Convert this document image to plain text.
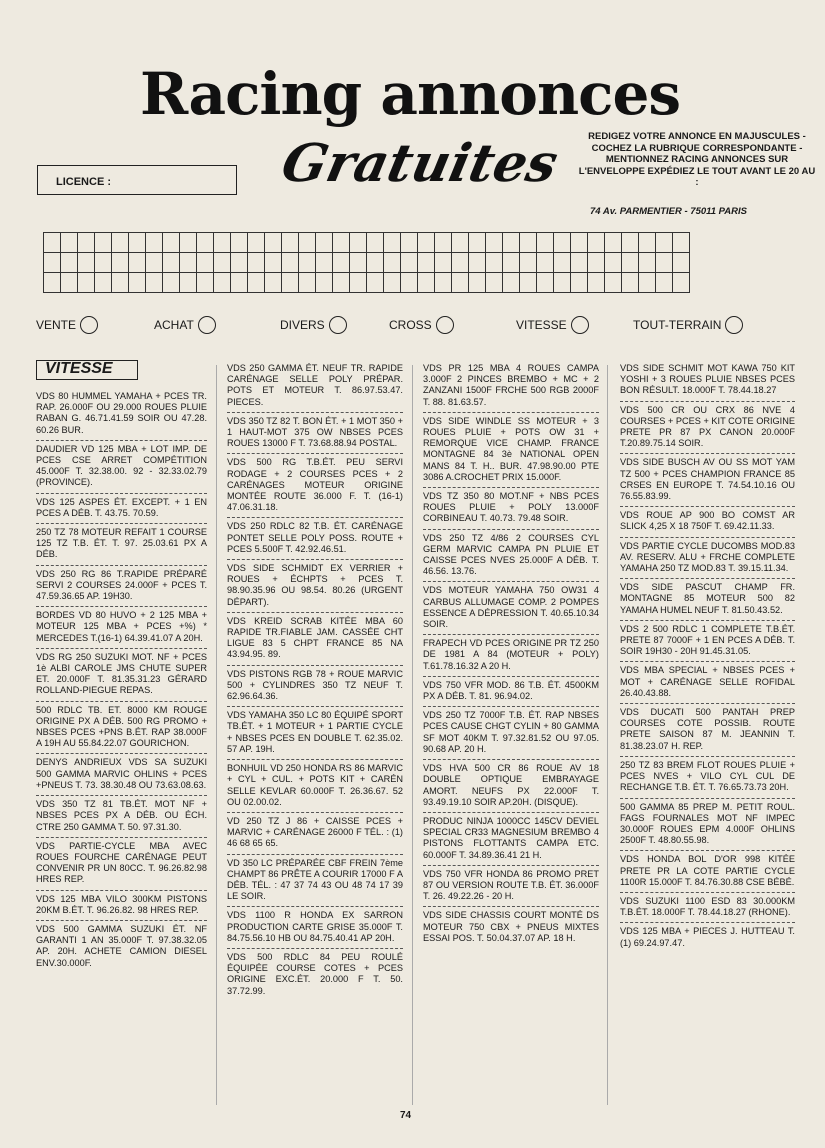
Racing annonces
Gratuites	REDIGEZ VOTRE ANNONCE EN MAJUSCULES - COCHEZ LA RUBRIQUE CORRESPONDANTE - MENTIONNEZ RACING ANNONCES SUR L'ENVELOPPE EXPÉDIEZ LE TOUT AVANT LE 20 AU :
74 Av. PARMENTIER - 75011 PARIS
LICENCE :

VENTE	ACHAT	DIVERS	CROSS	VITESSE	TOUT-TERRAIN
VITESSE

VDS 80 HUMMEL YAMAHA + PCES TR. RAP. 26.000F OU 29.000 ROUES PLUIE RABAN G. 46.71.41.59 SOIR OU 47.28. 60.26 BUR.

DAUDIER VD 125 MBA + LOT IMP. DE PCES CSE ARRET COMPÉTITION 45.000F T. 32.38.00. 92 - 32.33.02.79 (PROVINCE).

VDS 125 ASPES ÉT. EXCEPT. + 1 EN PCES A DÉB. T. 43.75. 70.59.

250 TZ 78 MOTEUR REFAIT 1 COURSE 125 TZ T.B. ÉT. T. 97. 25.03.61 PX A DÉB.

VDS 250 RG 86 T.RAPIDE PRÉPARÉ SERVI 2 COURSES 24.000F + PCES T. 47.59.36.65 AP. 19H30.

BORDES VD 80 HUVO + 2 125 MBA + MOTEUR 125 MBA + PCES +%) * MERCEDES T.(16-1) 64.39.41.07 A 20H.

VDS RG 250 SUZUKI MOT. NF + PCES 1è ALBI CAROLE JMS CHUTE SUPER ET. 20.000F T. 81.35.31.23 GÉRARD ROLLAND-PIEGUE REPAS.

500 RDLC TB. ET. 8000 KM ROUGE ORIGINE PX A DÉB. 500 RG PROMO + NBSES PCES +PNS B.ÉT. RAP 38.000F A 19H AU 55.84.22.07 GOURICHON.

DENYS ANDRIEUX VDS SA SUZUKI 500 GAMMA MARVIC OHLINS + PCES +PNEUS T. 73. 38.30.48 OU 73.63.08.63.

VDS 350 TZ 81 TB.ÉT. MOT NF + NBSES PCES PX A DÉB. OU ÉCH. CTRE 250 GAMMA T. 50. 97.31.30.

VDS PARTIE-CYCLE MBA AVEC ROUES FOURCHE CARÉNAGE PEUT CONVENIR PR UN 80CC. T. 96.26.82.98 HRES REP.

VDS 125 MBA VILO 300KM PISTONS 20KM B.ÉT. T. 96.26.82. 98 HRES REP.

VDS 500 GAMMA SUZUKI ÉT. NF GARANTI 1 AN 35.000F T. 97.38.32.05 AP. 20H. ACHETE CAMION DIESEL ENV.30.000F.

VDS 250 GAMMA ÉT. NEUF TR. RAPIDE CARÉNAGE SELLE POLY PRÉPAR. POTS ET MOTEUR T. 86.97.53.47. PIECES.

VDS 350 TZ 82 T. BON ÉT. + 1 MOT 350 + 1 HAUT-MOT 375 OW NBSES PCES ROUES 13000 F T. 73.68.88.94 POSTAL.

VDS 500 RG T.B.ÉT. PEU SERVI RODAGE + 2 COURSES PCES + 2 CARÉNAGES MOTEUR ORIGINE MONTÉE ROUTE 36.000 F. T. (16-1) 47.06.31.18.

VDS 250 RDLC 82 T.B. ÉT. CARÉNAGE PONTET SELLE POLY POSS. ROUTE + PCES 5.500F T. 42.92.46.51.

VDS SIDE SCHMIDT EX VERRIER + ROUES + ÉCHPTS + PCES T. 98.90.35.96 OU 98.54. 80.26 (URGENT DÉPART).

VDS KREID SCRAB KITÉE MBA 60 RAPIDE TR.FIABLE JAM. CASSÉE CHT LIGUE 83 5 CHPT FRANCE 85 NA 43.94.95. 89.

VDS PISTONS RGB 78 + ROUE MARVIC 500 + CYLINDRES 350 TZ NEUF T. 62.96.64.36.

VDS YAMAHA 350 LC 80 ÉQUIPÉ SPORT TB.ÉT. + 1 MOTEUR + 1 PARTIE CYCLE + NBSES PCES EN DOUBLE T. 62.35.02. 57 AP. 19H.

BONHUIL VD 250 HONDA RS 86 MARVIC + CYL + CUL. + POTS KIT + CARÉN SELLE KEVLAR 60.000F T. 26.36.67. 52 OU 02.00.02.

VD 250 TZ J 86 + CAISSE PCES + MARVIC + CARÉNAGE 26000 F TÉL. : (1) 46 68 65 65.

VD 350 LC PRÉPARÉE CBF FREIN 7ème CHAMPT 86 PRÊTE A COURIR 17000 F A DÉB. TÉL. : 47 37 74 43 OU 48 74 17 39 LE SOIR.

VDS 1100 R HONDA EX SARRON PRODUCTION CARTE GRISE 35.000F T. 84.75.56.10 HB OU 84.75.40.41 AP 20H.

VDS 500 RDLC 84 PEU ROULÉ ÉQUIPÉE COURSE COTES + PCES ORIGINE EXC.ÉT. 20.000 F T. 50. 37.72.99.

VDS PR 125 MBA 4 ROUES CAMPA 3.000F 2 PINCES BREMBO + MC + 2 ZANZANI 1500F FRCHE 500 RGB 2000F T. 88. 81.63.57.

VDS SIDE WINDLE SS MOTEUR + 3 ROUES PLUIE + POTS OW 31 + REMORQUE VICE CHAMP. FRANCE MONTAGNE 84 3è NATIONAL OPEN MANS 84 T. H.. BUR. 47.98.90.00 PTE 3086 A.CROCHET PRIX 15.000F.

VDS TZ 350 80 MOT.NF + NBS PCES ROUES PLUIE + POLY 13.000F CORBINEAU T. 40.73. 79.48 SOIR.

VDS 250 TZ 4/86 2 COURSES CYL GERM MARVIC CAMPA PN PLUIE ET CAISSE PCES NVES 25.000F A DÉB. T. 46.56. 13.76.

VDS MOTEUR YAMAHA 750 OW31 4 CARBUS ALLUMAGE COMP. 2 POMPES ESSENCE A DÉPRESSION T. 40.65.10.34 SOIR.

FRAPECH VD PCES ORIGINE PR TZ 250 DE 1981 A 84 (MOTEUR + POLY) T.61.78.16.32 A 20 H.

VDS 750 VFR MOD. 86 T.B. ÉT. 4500KM PX A DÉB. T. 81. 96.94.02.

VDS 250 TZ 7000F T.B. ÉT. RAP NBSES PCES CAUSE CHGT CYLIN + 80 GAMMA SF MOT 40KM T. 97.32.81.52 OU 97.05. 90.68 AP. 20 H.

VDS HVA 500 CR 86 ROUE AV 18 DOUBLE OPTIQUE EMBRAYAGE AMORT. NEUFS PX 22.000F T. 93.49.19.10 SOIR AP.20H. (DISQUE).

PRODUC NINJA 1000CC 145CV DEVIEL SPECIAL CR33 MAGNESIUM BREMBO 4 PISTONS FLOTTANTS CAMPA ETC. 60.000F T. 34.89.36.41 21 H.

VDS 750 VFR HONDA 86 PROMO PRET 87 OU VERSION ROUTE T.B. ÉT. 36.000F T. 26. 49.22.26 - 20 H.

VDS SIDE CHASSIS COURT MONTÉ DS MOTEUR 750 CBX + PNEUS MIXTES ESSAI POS. T. 50.04.37.07 AP. 18 H.

VDS SIDE SCHMIT MOT KAWA 750 KIT YOSHI + 3 ROUES PLUIE NBSES PCES BON RÉSULT. 18.000F T. 78.44.18.27

VDS 500 CR OU CRX 86 NVE 4 COURSES + PCES + KIT COTE ORIGINE PRETE PR 87 PX CANON 20.000F T.20.89.75.14 SOIR.

VDS SIDE BUSCH AV OU SS MOT YAM TZ 500 + PCES CHAMPION FRANCE 85 CRSES EN EUROPE T. 74.54.10.16 OU 76.55.83.99.

VDS ROUE AP 900 BO COMST AR SLICK 4,25 X 18 750F T. 69.42.11.33.

VDS PARTIE CYCLE DUCOMBS MOD.83 AV. RESERV. ALU + FRCHE COMPLETE YAMAHA 250 TZ MOD.83 T. 39.15.11.34.

VDS SIDE PASCUT CHAMP FR. MONTAGNE 85 MOTEUR 500 82 YAMAHA HUMEL NEUF T. 81.50.43.52.

VDS 2 500 RDLC 1 COMPLETE T.B.ÉT. PRETE 87 7000F + 1 EN PCES A DÉB. T. SOIR 19H30 - 20H 91.45.31.05.

VDS MBA SPECIAL + NBSES PCES + MOT + CARÉNAGE SELLE ROFIDAL 26.40.43.88.

VDS DUCATI 500 PANTAH PREP COURSES COTE POSSIB. ROUTE PRETE SAISON 87 M. JEANNIN T. 81.38.23.07 H. REP.

250 TZ 83 BREM FLOT ROUES PLUIE + PCES NVES + VILO CYL CUL DE RECHANGE T.B. ÉT. T. 76.65.73.73 20H.

500 GAMMA 85 PREP M. PETIT ROUL. FAGS FOURNALES MOT NF IMPEC 30.000F ROUES EPM 4.000F OHLINS 2500F T. 48.80.55.98.

VDS HONDA BOL D'OR 998 KITÉE PRETE PR LA COTE PARTIE CYCLE 1100R 15.000F T. 84.76.30.88 CSE BÉBÉ.

VDS SUZUKI 1100 ESD 83 30.000KM T.B.ÉT. 18.000F T. 78.44.18.27 (RHONE).

VDS 125 MBA + PIECES J. HUTTEAU T.(1) 69.24.97.47.

74
